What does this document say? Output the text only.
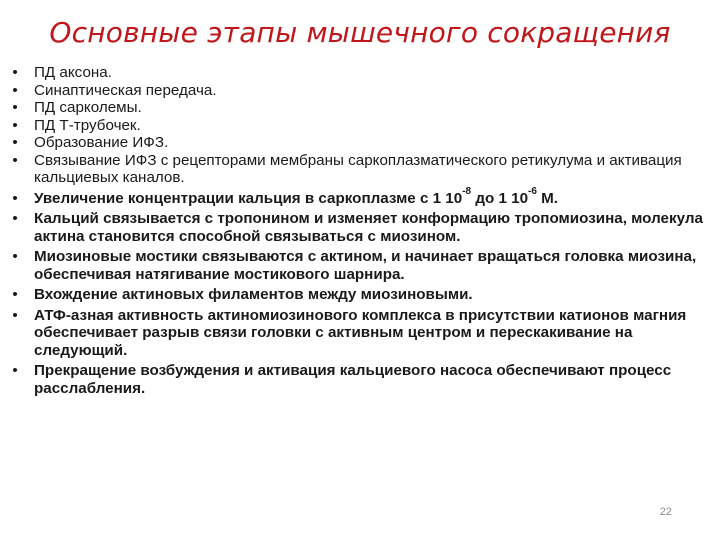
Основные этапы мышечного сокращения
• ПД аксона.
• Синаптическая передача.
• ПД сарколемы.
• ПД Т-трубочек.
• Образование ИФЗ.
• Связывание ИФЗ с рецепторами мембраны саркоплазматического ретикулума и активация кальциевых каналов.
• Увеличение концентрации кальция в саркоплазме с 1 $10^{-8}$ до 1 $10^{-6}$ М.
• Кальций связывается с тропонином и изменяет конформацию тропомиозина, молекула актина становится способной связываться с миозином.
• Миозиновые мостики связываются с актином, и начинает вращаться головка миозина, обеспечивая натягивание мостикового шарнира.
• Вхождение актиновых филаментов между миозиновыми.
• АТФ-азная активность актиномиозинового комплекса в присутствии катионов магния обеспечивает разрыв связи головки с активным центром и перескакивание на следующий.
• Прекращение возбуждения и активация кальциевого насоса обеспечивают процесс расслабления.
22
